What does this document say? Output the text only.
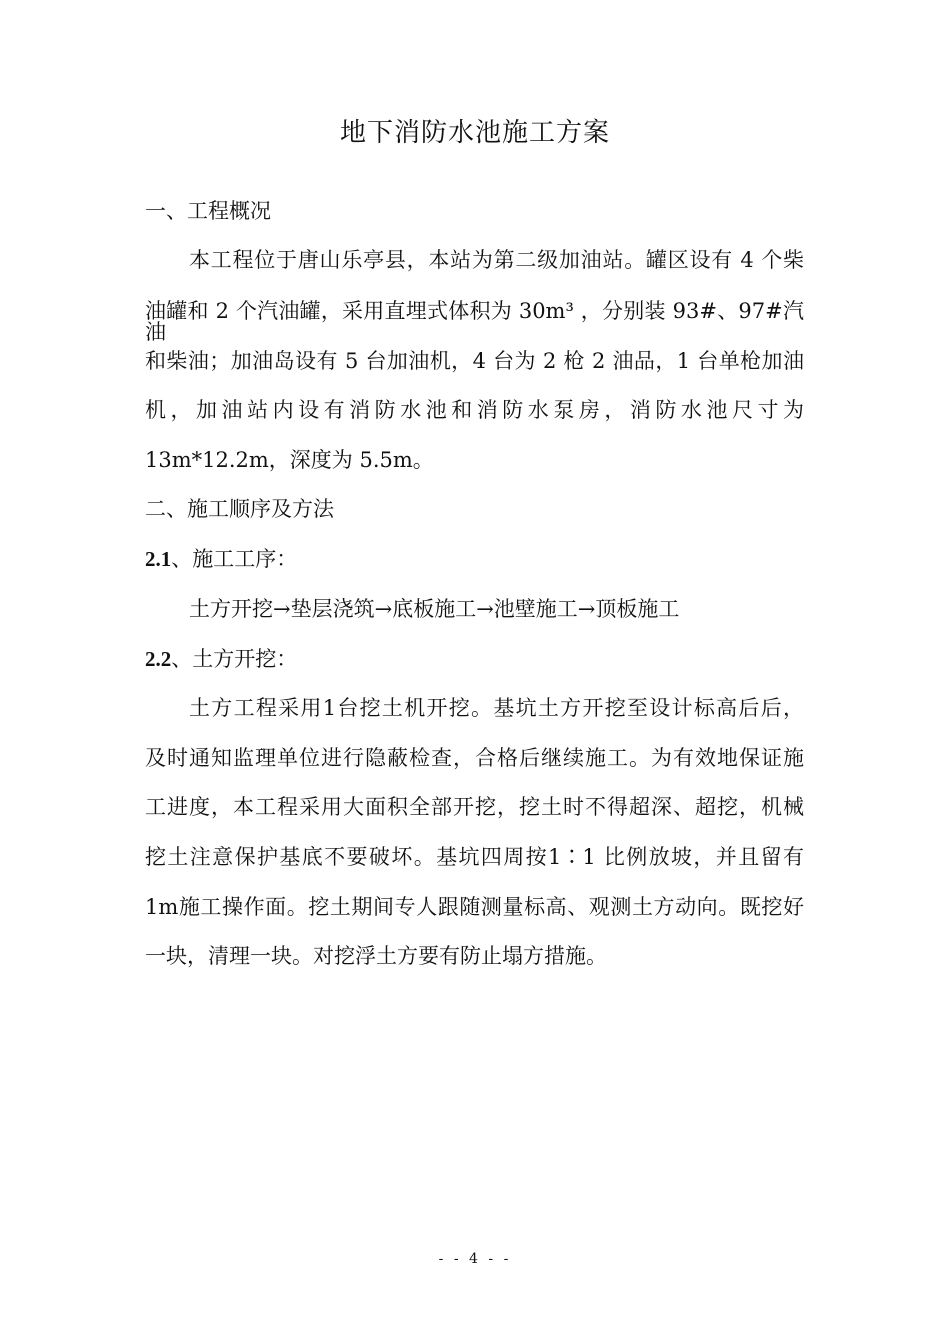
地下消防水池施工方案
一、工程概况
本工程位于唐山乐亭县，本站为第二级加油站。罐区设有 4 个柴
油罐和 2 个汽油罐，采用直埋式体积为 30m³ ，分别装 93#、97#汽油
和柴油；加油岛设有 5 台加油机，4 台为 2 枪 2 油品，1 台单枪加油
机，加油站内设有消防水池和消防水泵房，消防水池尺寸为
13m*12.2m，深度为 5.5m。
二、施工顺序及方法
2.1、施工工序：
土方开挖→垫层浇筑→底板施工→池壁施工→顶板施工
2.2、土方开挖：
土方工程采用1台挖土机开挖。基坑土方开挖至设计标高后后，
及时通知监理单位进行隐蔽检查，合格后继续施工。为有效地保证施
工进度，本工程采用大面积全部开挖，挖土时不得超深、超挖，机械
挖土注意保护基底不要破坏。基坑四周按1∶1 比例放坡，并且留有
1m施工操作面。挖土期间专人跟随测量标高、观测土方动向。既挖好
一块，清理一块。对挖浮土方要有防止塌方措施。
- - 4 - -
